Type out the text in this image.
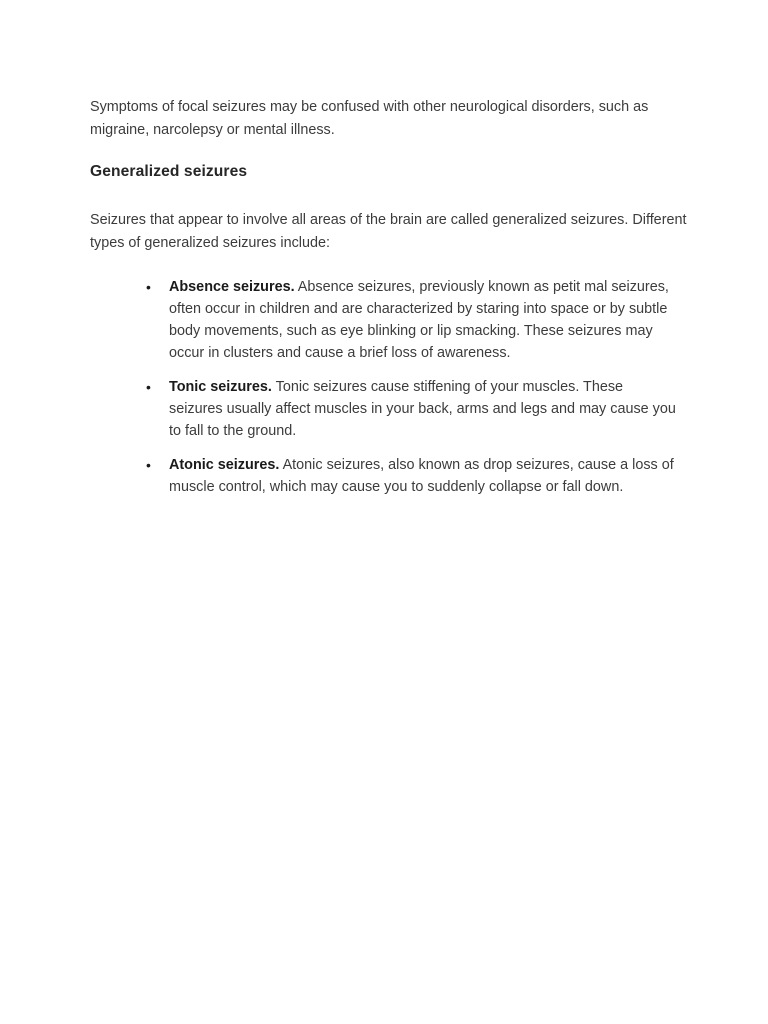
Symptoms of focal seizures may be confused with other neurological disorders, such as migraine, narcolepsy or mental illness.

Generalized seizures

Seizures that appear to involve all areas of the brain are called generalized seizures. Different types of generalized seizures include:

• Absence seizures. Absence seizures, previously known as petit mal seizures, often occur in children and are characterized by staring into space or by subtle body movements, such as eye blinking or lip smacking. These seizures may occur in clusters and cause a brief loss of awareness.
• Tonic seizures. Tonic seizures cause stiffening of your muscles. These seizures usually affect muscles in your back, arms and legs and may cause you to fall to the ground.
• Atonic seizures. Atonic seizures, also known as drop seizures, cause a loss of muscle control, which may cause you to suddenly collapse or fall down.
